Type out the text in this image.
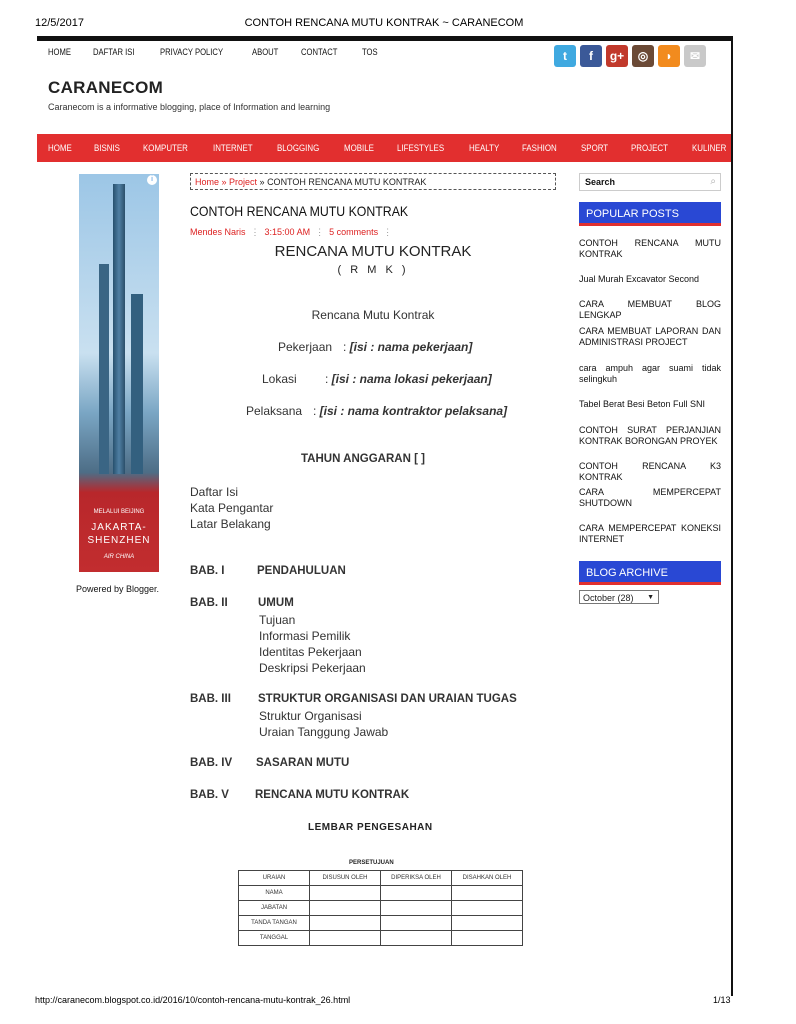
12/5/2017	CONTOH RENCANA MUTU KONTRAK ~ CARANECOM
HOME DAFTAR ISI	PRIVACY POLICY	ABOUT	CONTACT	TOS	t	f	g+	◎	◗	✉
CARANECOM
Caranecom is a informative blogging, place of Information and learning
HOME BISNIS	KOMPUTER	INTERNET	BLOGGING	MOBILE	LIFESTYLES	HEALTY	FASHION	SPORT	PROJECT	KULINER	DOWNLOAD
i
MELALUI BEIJING
JAKARTA-
SHENZHEN
AIR CHINA
Powered by Blogger.
Home » Project » CONTOH RENCANA MUTU KONTRAK
CONTOH RENCANA MUTU KONTRAK
Mendes Naris ⋮ 3:15:00 AM ⋮ 5 comments ⋮
RENCANA MUTU KONTRAK
( R M K )
Rencana Mutu Kontrak
Pekerjaan : [isi : nama pekerjaan]
Lokasi : [isi : nama lokasi pekerjaan]
Pelaksana : [isi : nama kontraktor pelaksana]
TAHUN ANGGARAN [ ]
Daftar Isi
Kata Pengantar
Latar Belakang
BAB. I	PENDAHULUAN
BAB. II	UMUM
Tujuan
Informasi Pemilik
Identitas Pekerjaan
Deskripsi Pekerjaan
BAB. III STRUKTUR ORGANISASI DAN URAIAN TUGAS
Struktur Organisasi
Uraian Tanggung Jawab
BAB. IV SASARAN MUTU
BAB. V RENCANA MUTU KONTRAK
LEMBAR PENGESAHAN
PERSETUJUAN
URAIAN	DISUSUN OLEH	DIPERIKSA OLEH	DISAHKAN OLEH
NAMA			
JABATAN			
TANDA TANGAN			
TANGGAL			
Search	⌕
POPULAR POSTS
CONTOH RENCANA MUTU KONTRAK
Jual Murah Excavator Second
CARA MEMBUAT BLOG LENGKAP
CARA MEMBUAT LAPORAN DAN ADMINISTRASI PROJECT
cara ampuh agar suami tidak selingkuh
Tabel Berat Besi Beton Full SNI
CONTOH SURAT PERJANJIAN KONTRAK BORONGAN PROYEK
CONTOH RENCANA K3 KONTRAK
CARA MEMPERCEPAT SHUTDOWN
CARA MEMPERCEPAT KONEKSI INTERNET
BLOG ARCHIVE
October (28) ▼
http://caranecom.blogspot.co.id/2016/10/contoh-rencana-mutu-kontrak_26.html	1/13
